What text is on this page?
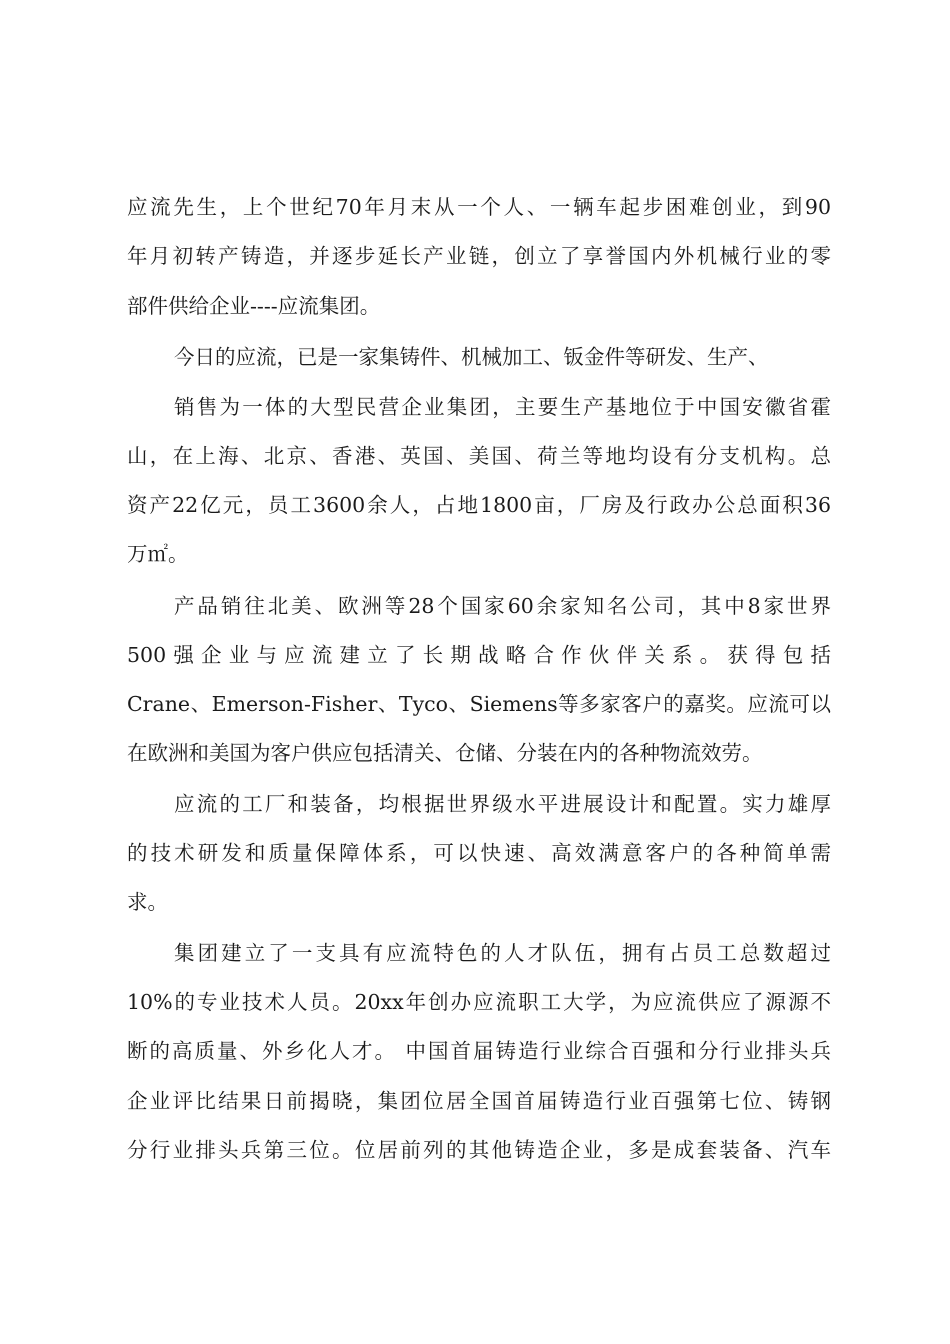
应流先生，上个世纪70年月末从一个人、一辆车起步困难创业，到90
年月初转产铸造，并逐步延长产业链，创立了享誉国内外机械行业的零
部件供给企业----应流集团。
今日的应流，已是一家集铸件、机械加工、钣金件等研发、生产、
销售为一体的大型民营企业集团，主要生产基地位于中国安徽省霍
山，在上海、北京、香港、英国、美国、荷兰等地均设有分支机构。总
资产22亿元，员工3600余人，占地1800亩，厂房及行政办公总面积36
万㎡。
产品销往北美、欧洲等28个国家60余家知名公司，其中8家世界
500强企业与应流建立了长期战略合作伙伴关系。获得包括
Crane、Emerson-Fisher、Tyco、Siemens等多家客户的嘉奖。应流可以
在欧洲和美国为客户供应包括清关、仓储、分装在内的各种物流效劳。
应流的工厂和装备，均根据世界级水平进展设计和配置。实力雄厚
的技术研发和质量保障体系，可以快速、高效满意客户的各种简单需
求。
集团建立了一支具有应流特色的人才队伍，拥有占员工总数超过
10%的专业技术人员。20xx年创办应流职工大学，为应流供应了源源不
断的高质量、外乡化人才。 中国首届铸造行业综合百强和分行业排头兵
企业评比结果日前揭晓，集团位居全国首届铸造行业百强第七位、铸钢
分行业排头兵第三位。位居前列的其他铸造企业，多是成套装备、汽车
